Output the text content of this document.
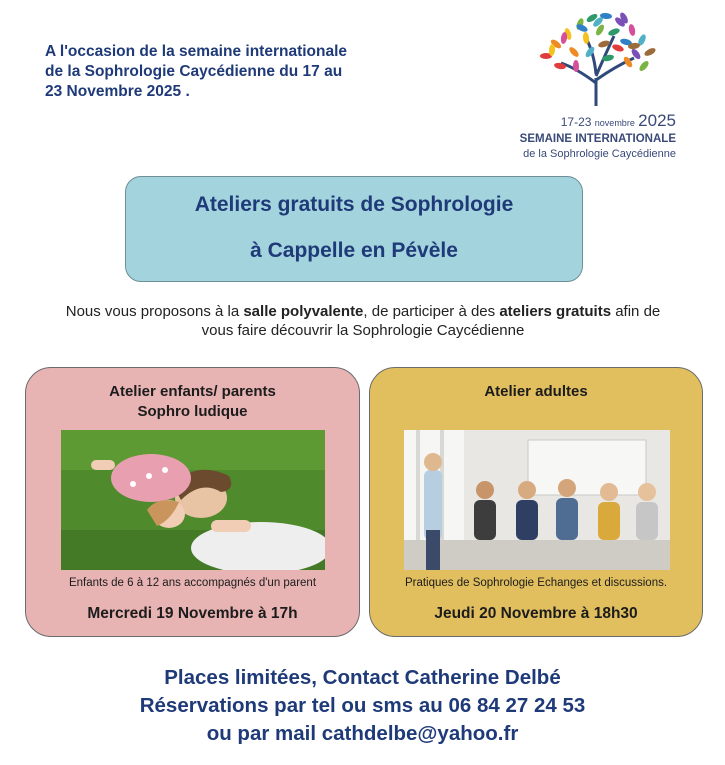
A l'occasion de la semaine internationale
de la Sophrologie Caycédienne du 17 au
23 Novembre 2025 .
17-23 novembre 2025
SEMAINE INTERNATIONALE
de la Sophrologie Caycédienne
Ateliers gratuits de Sophrologie
à Cappelle en Pévèle
Nous vous proposons à la salle polyvalente, de participer à des ateliers gratuits afin de vous faire découvrir la Sophrologie Caycédienne
Atelier enfants/ parents
Sophro ludique
Enfants de 6 à 12 ans accompagnés d'un parent
Mercredi 19 Novembre à 17h
Atelier adultes
Pratiques de Sophrologie Echanges et discussions.
Jeudi 20 Novembre à 18h30
Places limitées, Contact Catherine Delbé
Réservations par tel ou sms au 06 84 27 24 53
ou par mail cathdelbe@yahoo.fr
